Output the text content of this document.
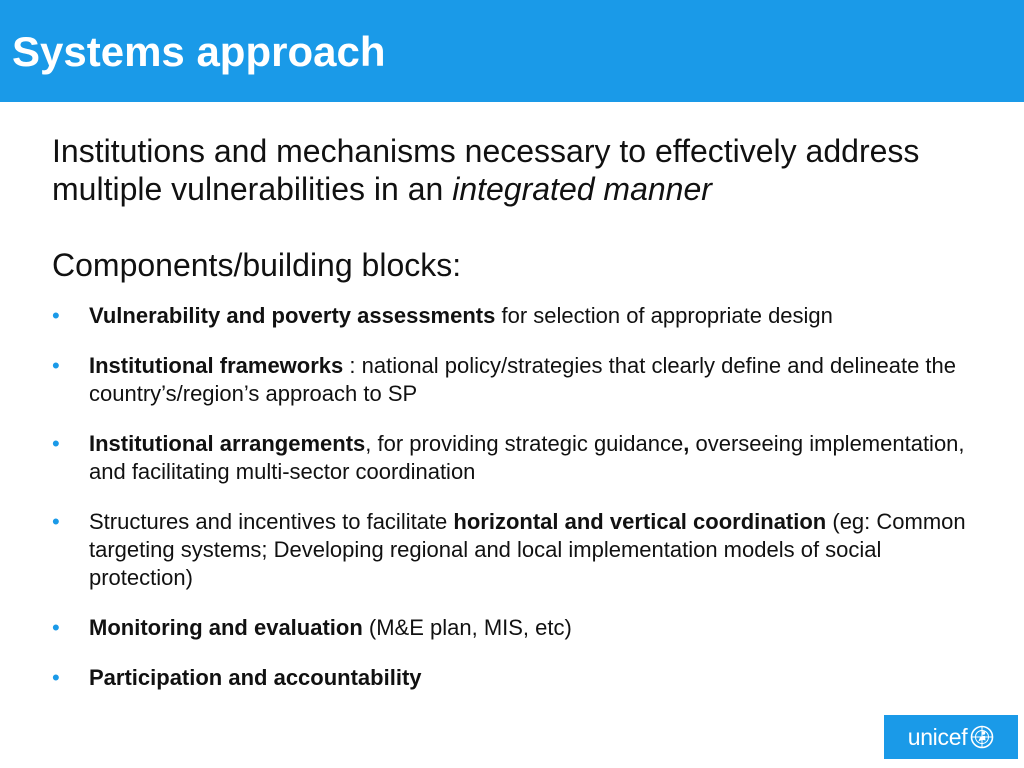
Systems approach

Institutions and mechanisms necessary to effectively address multiple vulnerabilities in an integrated manner

Components/building blocks:

• Vulnerability and poverty assessments for selection of appropriate design
• Institutional frameworks : national policy/strategies that clearly define and delineate the country’s/region’s approach to SP
• Institutional arrangements, for providing strategic guidance, overseeing implementation, and facilitating multi-sector coordination
• Structures and incentives to facilitate horizontal and vertical coordination (eg: Common targeting systems; Developing regional and local implementation models of social protection)
• Monitoring and evaluation (M&E plan, MIS, etc)
• Participation and accountability
unicef
